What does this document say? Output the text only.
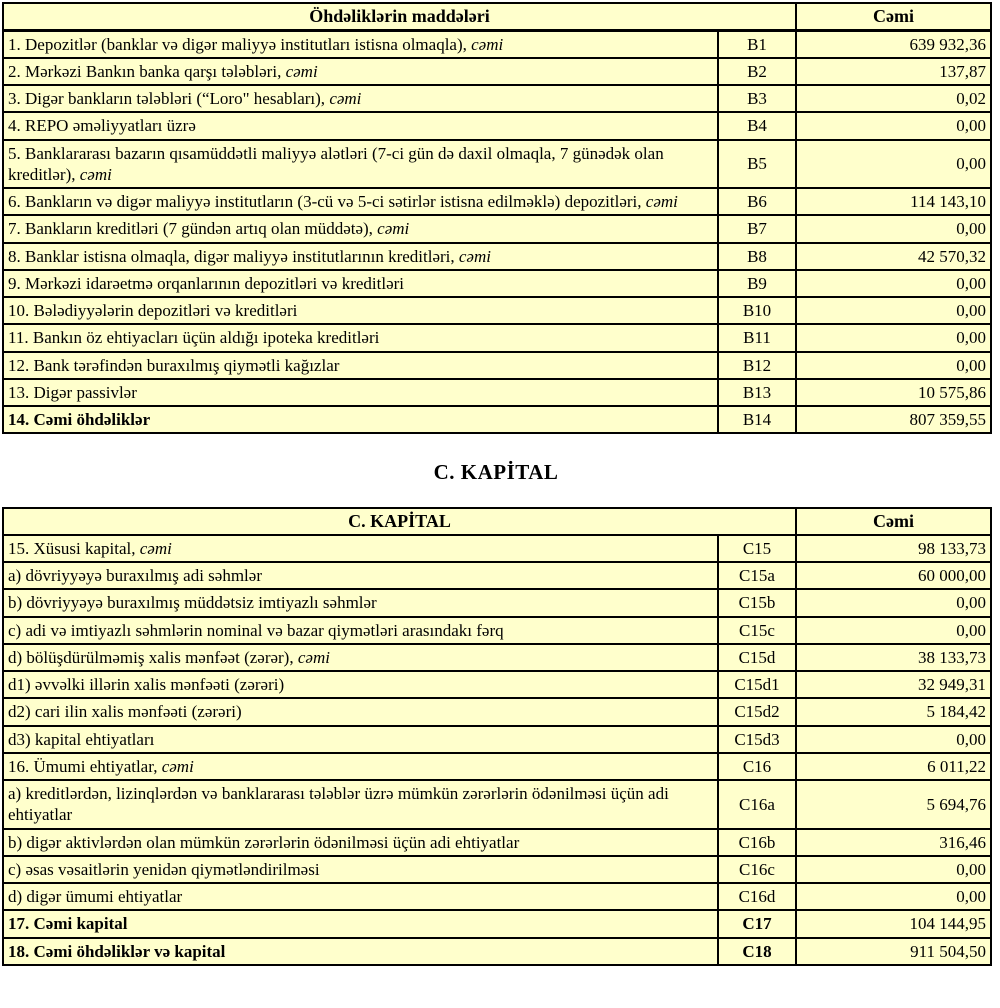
Öhdəliklərin maddələri		Cəmi
1. Depozitlər (banklar və digər maliyyə institutları istisna olmaqla), cəmi	B1	639 932,36
2. Mərkəzi Bankın banka qarşı tələbləri, cəmi	B2	137,87
3. Digər bankların tələbləri (“Loro" hesabları), cəmi	B3	0,02
4. REPO əməliyyatları üzrə	B4	0,00
5. Banklararası bazarın qısamüddətli maliyyə alətləri (7-ci gün də daxil olmaqla, 7 günədək olan kreditlər), cəmi	B5	0,00
6. Bankların və digər maliyyə institutların (3-cü və 5-ci sətirlər istisna edilməklə) depozitləri, cəmi	B6	114 143,10
7. Bankların kreditləri (7 gündən artıq olan müddətə), cəmi	B7	0,00
8. Banklar istisna olmaqla, digər maliyyə institutlarının kreditləri, cəmi	B8	42 570,32
9. Mərkəzi idarəetmə orqanlarının depozitləri və kreditləri	B9	0,00
10. Bələdiyyələrin depozitləri və kreditləri	B10	0,00
11. Bankın öz ehtiyacları üçün aldığı ipoteka kreditləri	B11	0,00
12. Bank tərəfindən buraxılmış qiymətli kağızlar	B12	0,00
13. Digər passivlər	B13	10 575,86
14. Cəmi öhdəliklər	B14	807 359,55
C. KAPİTAL
C. KAPİTAL		Cəmi
15. Xüsusi kapital, cəmi	C15	98 133,73
a) dövriyyəyə buraxılmış adi səhmlər	C15a	60 000,00
b) dövriyyəyə buraxılmış müddətsiz imtiyazlı səhmlər	C15b	0,00
c) adi və imtiyazlı səhmlərin nominal və bazar qiymətləri arasındakı fərq	C15c	0,00
d) bölüşdürülməmiş xalis mənfəət (zərər), cəmi	C15d	38 133,73
d1) əvvəlki illərin xalis mənfəəti (zərəri)	C15d1	32 949,31
d2) cari ilin xalis mənfəəti (zərəri)	C15d2	5 184,42
d3) kapital ehtiyatları	C15d3	0,00
16. Ümumi ehtiyatlar, cəmi	C16	6 011,22
a) kreditlərdən, lizinqlərdən və banklararası tələblər üzrə mümkün zərərlərin ödənilməsi üçün adi ehtiyatlar	C16a	5 694,76
b) digər aktivlərdən olan mümkün zərərlərin ödənilməsi üçün adi ehtiyatlar	C16b	316,46
c) əsas vəsaitlərin yenidən qiymətləndirilməsi	C16c	0,00
d) digər ümumi ehtiyatlar	C16d	0,00
17. Cəmi kapital	C17	104 144,95
18. Cəmi öhdəliklər və kapital	C18	911 504,50
